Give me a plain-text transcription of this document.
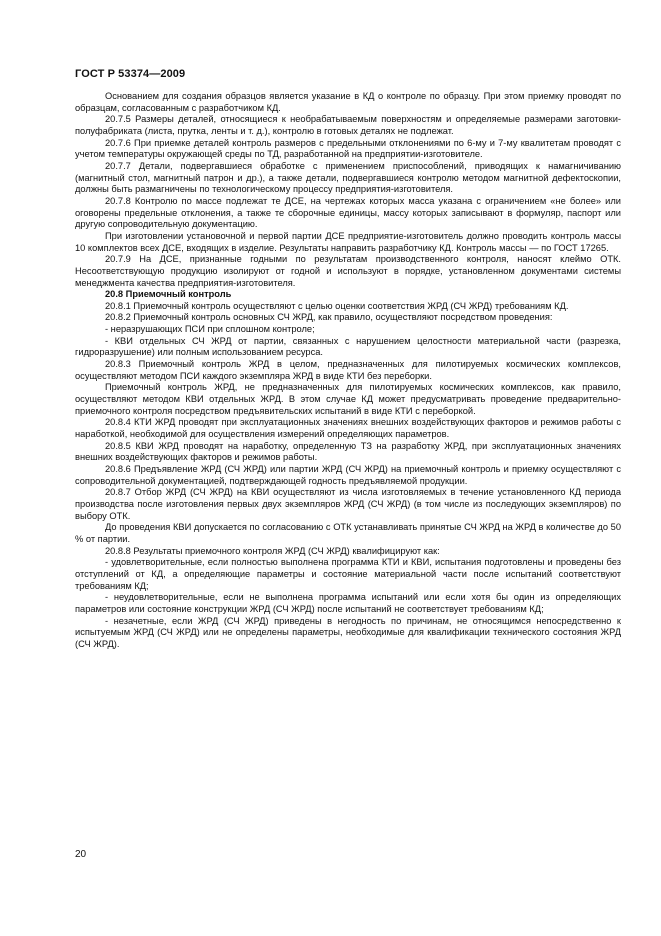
ГОСТ Р 53374—2009

Основанием для создания образцов является указание в КД о контроле по образцу. При этом приемку проводят по образцам, согласованным с разработчиком КД.

20.7.5 Размеры деталей, относящиеся к необрабатываемым поверхностям и определяемые размерами заготовки-полуфабриката (листа, прутка, ленты и т. д.), контролю в готовых деталях не подлежат.

20.7.6 При приемке деталей контроль размеров с предельными отклонениями по 6-му и 7-му квалитетам проводят с учетом температуры окружающей среды по ТД, разработанной на предприятии-изготовителе.

20.7.7 Детали, подвергавшиеся обработке с применением приспособлений, приводящих к намагничиванию (магнитный стол, магнитный патрон и др.), а также детали, подвергавшиеся контролю методом магнитной дефектоскопии, должны быть размагничены по технологическому процессу предприятия-изготовителя.

20.7.8 Контролю по массе подлежат те ДСЕ, на чертежах которых масса указана с ограничением «не более» или оговорены предельные отклонения, а также те сборочные единицы, массу которых записывают в формуляр, паспорт или другую сопроводительную документацию.

При изготовлении установочной и первой партии ДСЕ предприятие-изготовитель должно проводить контроль массы 10 комплектов всех ДСЕ, входящих в изделие. Результаты направить разработчику КД. Контроль массы — по ГОСТ 17265.

20.7.9 На ДСЕ, признанные годными по результатам производственного контроля, наносят клеймо ОТК. Несоответствующую продукцию изолируют от годной и используют в порядке, установленном документами системы менеджмента качества предприятия-изготовителя.

20.8 Приемочный контроль

20.8.1 Приемочный контроль осуществляют с целью оценки соответствия ЖРД (СЧ ЖРД) требованиям КД.

20.8.2 Приемочный контроль основных СЧ ЖРД, как правило, осуществляют посредством проведения:

- неразрушающих ПСИ при сплошном контроле;

- КВИ отдельных СЧ ЖРД от партии, связанных с нарушением целостности материальной части (разрезка, гидроразрушение) или полным использованием ресурса.

20.8.3 Приемочный контроль ЖРД в целом, предназначенных для пилотируемых космических комплексов, осуществляют методом ПСИ каждого экземпляра ЖРД в виде КТИ без переборки.

Приемочный контроль ЖРД, не предназначенных для пилотируемых космических комплексов, как правило, осуществляют методом КВИ отдельных ЖРД. В этом случае КД может предусматривать проведение предварительно-приемочного контроля посредством предъявительских испытаний в виде КТИ с переборкой.

20.8.4 КТИ ЖРД проводят при эксплуатационных значениях внешних воздействующих факторов и режимов работы с наработкой, необходимой для осуществления измерений определяющих параметров.

20.8.5 КВИ ЖРД проводят на наработку, определенную ТЗ на разработку ЖРД, при эксплуатационных значениях внешних воздействующих факторов и режимов работы.

20.8.6 Предъявление ЖРД (СЧ ЖРД) или партии ЖРД (СЧ ЖРД) на приемочный контроль и приемку осуществляют с сопроводительной документацией, подтверждающей годность предъявляемой продукции.

20.8.7 Отбор ЖРД (СЧ ЖРД) на КВИ осуществляют из числа изготовляемых в течение установленного КД периода производства после изготовления первых двух экземпляров ЖРД (СЧ ЖРД) (в том числе из последующих экземпляров) по выбору ОТК.

До проведения КВИ допускается по согласованию с ОТК устанавливать принятые СЧ ЖРД на ЖРД в количестве до 50 % от партии.

20.8.8 Результаты приемочного контроля ЖРД (СЧ ЖРД) квалифицируют как:

- удовлетворительные, если полностью выполнена программа КТИ и КВИ, испытания подготовлены и проведены без отступлений от КД, а определяющие параметры и состояние материальной части после испытаний соответствуют требованиям КД;

- неудовлетворительные, если не выполнена программа испытаний или если хотя бы один из определяющих параметров или состояние конструкции ЖРД (СЧ ЖРД) после испытаний не соответствует требованиям КД;

- незачетные, если ЖРД (СЧ ЖРД) приведены в негодность по причинам, не относящимся непосредственно к испытуемым ЖРД (СЧ ЖРД) или не определены параметры, необходимые для квалификации технического состояния ЖРД (СЧ ЖРД).

20
